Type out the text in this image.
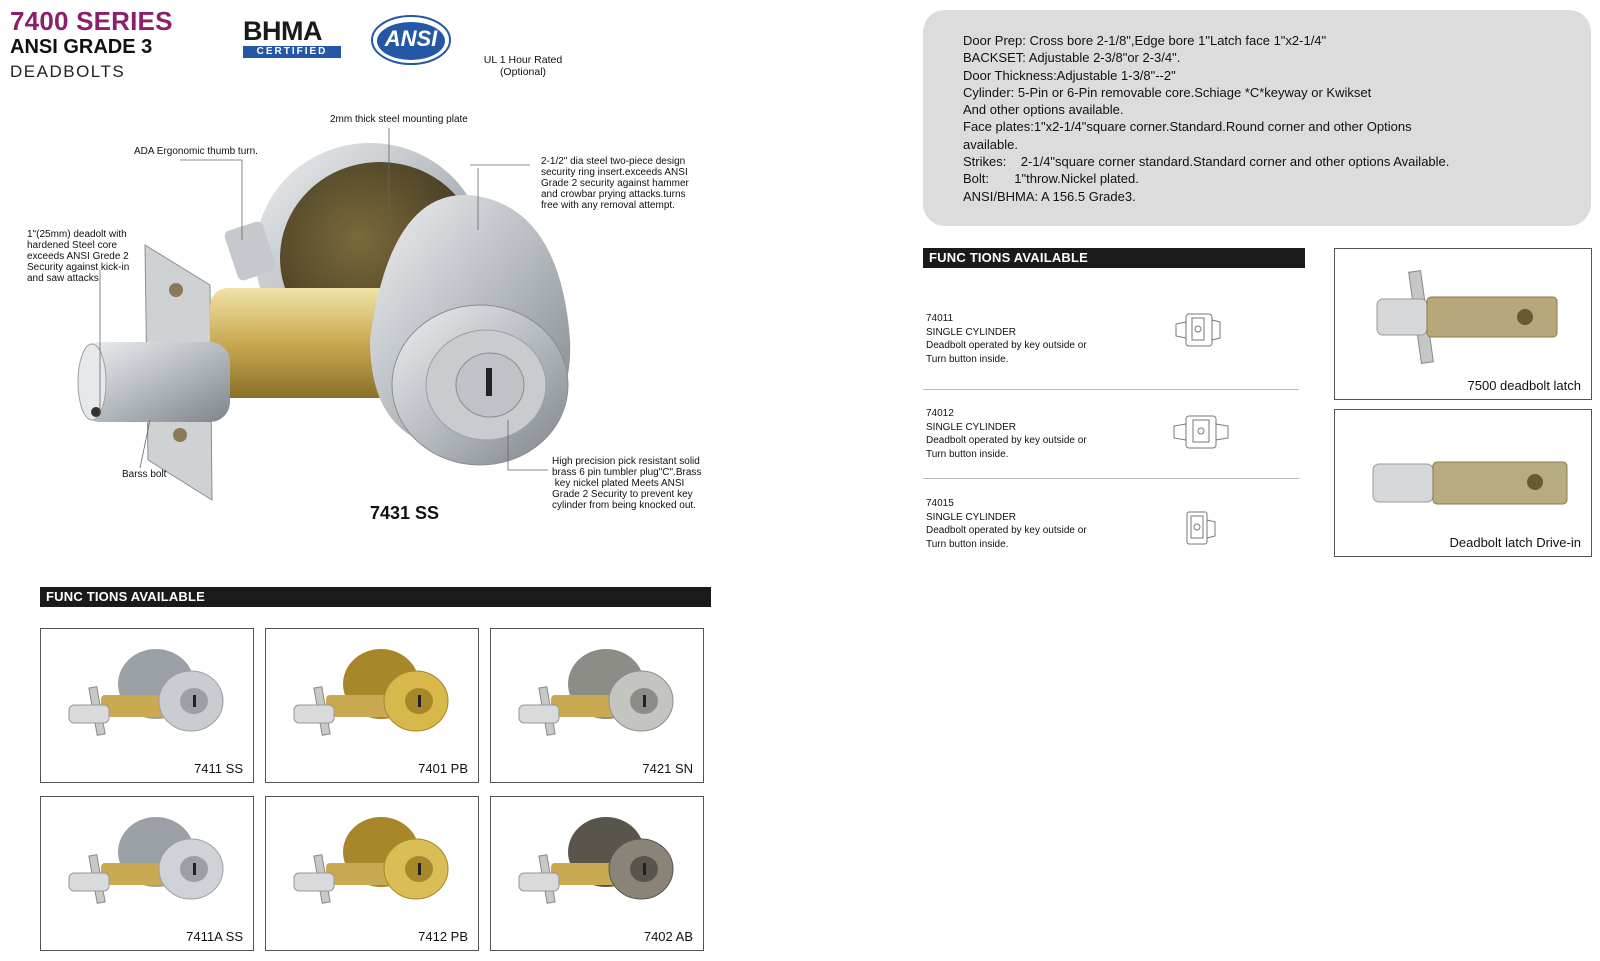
7400 SERIES
ANSI GRADE 3
DEADBOLTS
BHMA
CERTIFIED

ANSI
UL 1 Hour Rated
(Optional)
2mm thick steel mounting plate
ADA Ergonomic thumb turn.
1"(25mm) deadolt with
hardened Steel core
exceeds ANSI Grede 2
Security against kick-in
and saw attacks
2-1/2" dia steel two-piece design
security ring insert.exceeds ANSI
Grade 2 security against hammer
and crowbar prying attacks.turns
free with any removal attempt.
Barss bolt
High precision pick resistant solid
brass 6 pin tumbler plug"C".Brass
key nickel plated Meets ANSI
Grade 2 Security to prevent key
cylinder from being knocked out.
7431 SS
Door Prep: Cross bore 2-1/8",Edge bore 1"Latch face 1"x2-1/4"
BACKSET: Adjustable 2-3/8"or 2-3/4".
Door Thickness:Adjustable 1-3/8"--2"
Cylinder: 5-Pin or 6-Pin removable core.Schiage *C*keyway or Kwikset
And other options available.
Face plates:1"x2-1/4"square corner.Standard.Round corner and other Options
available.
Strikes:    2-1/4"square corner standard.Standard corner and other options Available.
Bolt:       1"throw.Nickel plated.
ANSI/BHMA: A 156.5 Grade3.
FUNC TIONS AVAILABLE
74011
SINGLE CYLINDER
Deadbolt operated by key outside or
Turn button inside.
74012
SINGLE CYLINDER
Deadbolt operated by key outside or
Turn button inside.
74015
SINGLE CYLINDER
Deadbolt operated by key outside or
Turn button inside.
7500 deadbolt latch
Deadbolt latch Drive-in
FUNC TIONS AVAILABLE
7411 SS	7401 PB	7421 SN
7411A SS	7412 PB	7402 AB
